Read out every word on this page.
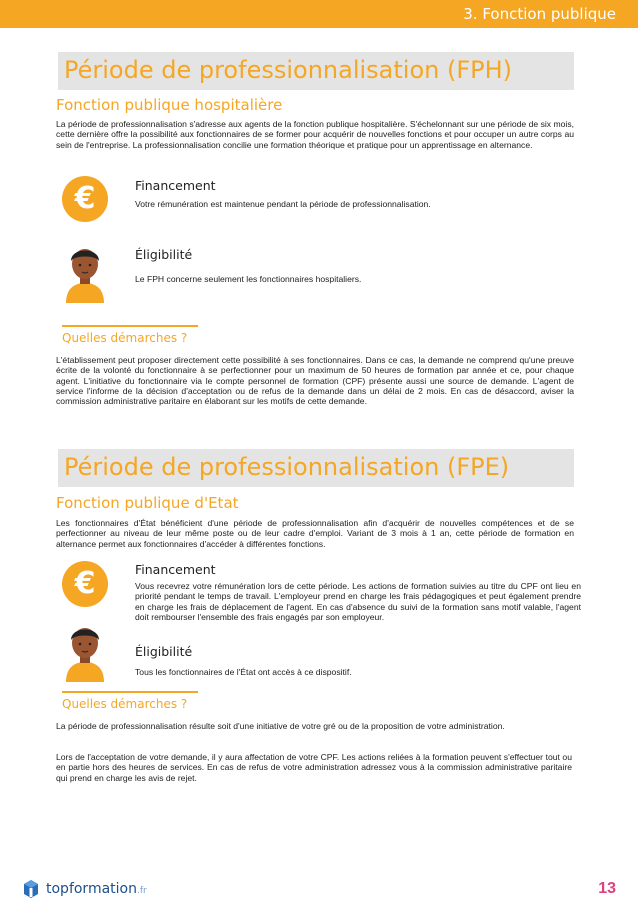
3. Fonction publique
Période de professionnalisation (FPH)
Fonction publique hospitalière
La période de professionnalisation s'adresse aux agents de la fonction publique hospitalière. S'échelonnant sur une période de six mois, cette dernière offre la possibilité aux fonctionnaires de se former pour acquérir de nouvelles fonctions et pour occuper un autre corps au sein de l'entreprise. La professionnalisation concilie une formation théorique et pratique pour un apprentissage en alternance.
€	Financement
Votre rémunération est maintenue pendant la période de professionnalisation.
Éligibilité
Le FPH concerne seulement les fonctionnaires hospitaliers.
Quelles démarches ?
L'établissement peut proposer directement cette possibilité à ses fonctionnaires. Dans ce cas, la demande ne comprend qu'une preuve écrite de la volonté du fonctionnaire à se perfectionner pour un maximum de 50 heures de formation par année et ce, pour chaque agent. L'initiative du fonctionnaire via le compte personnel de formation (CPF) présente aussi une source de demande. L'agent de service l'informe de la décision d'acceptation ou de refus de la demande dans un délai de 2 mois. En cas de désaccord, aviser la commission administrative paritaire en élaborant sur les motifs de cette demande.
Période de professionnalisation (FPE)
Fonction publique d'Etat
Les fonctionnaires d'État bénéficient d'une période de professionnalisation afin d'acquérir de nouvelles compétences et de se perfectionner au niveau de leur même poste ou de leur cadre d'emploi. Variant de 3 mois à 1 an, cette période de formation en alternance permet aux fonctionnaires d'accéder à différentes fonctions.
€	Financement
Vous recevrez votre rémunération lors de cette période. Les actions de formation suivies au titre du CPF ont lieu en priorité pendant le temps de travail. L'employeur prend en charge les frais pédagogiques et peut également prendre en charge les frais de déplacement de l'agent. En cas d'absence du suivi de la formation sans motif valable, l'agent doit rembourser l'ensemble des frais engagés par son employeur.
Éligibilité
Tous les fonctionnaires de l'État ont accès à ce dispositif.
Quelles démarches ?
La période de professionnalisation résulte soit d'une initiative de votre gré ou de la proposition de votre administration.
Lors de l'acceptation de votre demande, il y aura affectation de votre CPF. Les actions reliées à la formation peuvent s'effectuer tout ou en partie hors des heures de services. En cas de refus de votre administration adressez vous à la commission administrative paritaire qui prend en charge les avis de rejet.
topformation.fr	13
